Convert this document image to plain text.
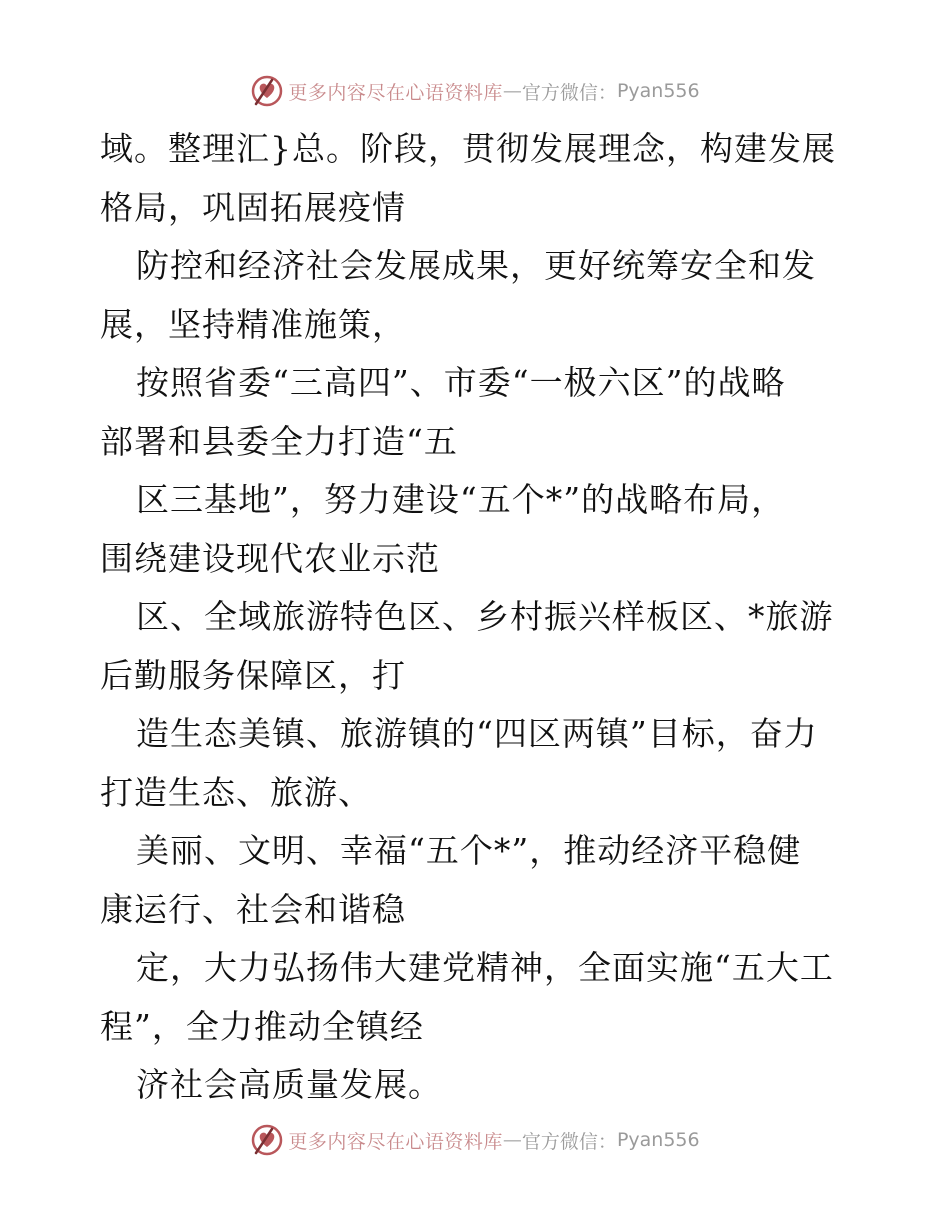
更多内容尽在心语资料库 — 官方微信： Pyan556
域。整理汇}总。阶段，贯彻发展理念，构建发展
格局，巩固拓展疫情
防控和经济社会发展成果，更好统筹安全和发
展，坚持精准施策，
按照省委“三高四”、市委“一极六区”的战略
部署和县委全力打造“五
区三基地”，努力建设“五个*”的战略布局，
围绕建设现代农业示范
区、全域旅游特色区、乡村振兴样板区、*旅游
后勤服务保障区，打
造生态美镇、旅游镇的“四区两镇”目标，奋力
打造生态、旅游、
美丽、文明、幸福“五个*”，推动经济平稳健
康运行、社会和谐稳
定，大力弘扬伟大建党精神，全面实施“五大工
程”，全力推动全镇经
济社会高质量发展。
更多内容尽在心语资料库 — 官方微信： Pyan556
